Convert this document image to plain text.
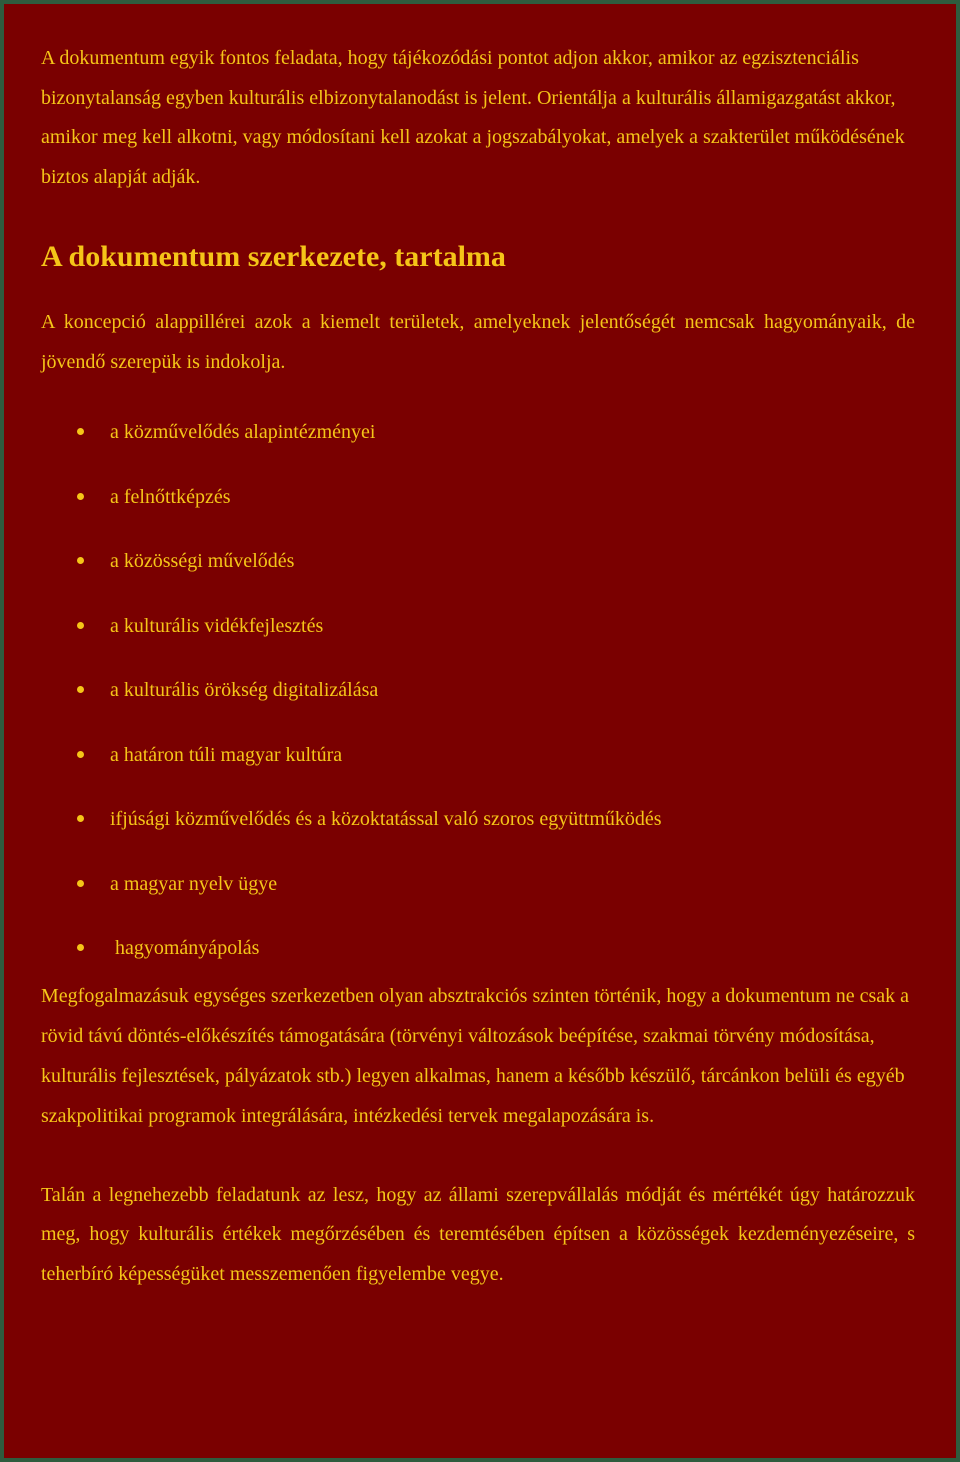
A dokumentum egyik fontos feladata, hogy tájékozódási pontot adjon akkor, amikor az egzisztenciális bizonytalanság egyben kulturális elbizonytalanodást is jelent. Orientálja a kulturális államigazgatást akkor, amikor meg kell alkotni, vagy módosítani kell azokat a jogszabályokat, amelyek a szakterület működésének biztos alapját adják.

A dokumentum szerkezete, tartalma

A koncepció alappillérei azok a kiemelt területek, amelyeknek jelentőségét nemcsak hagyományaik, de jövendő szerepük is indokolja.

a közművelődés alapintézményei
a felnőttképzés
a közösségi művelődés
a kulturális vidékfejlesztés
a kulturális örökség digitalizálása
a határon túli magyar kultúra
ifjúsági közművelődés és a közoktatással való szoros együttműködés
a magyar nyelv ügye
hagyományápolás

Megfogalmazásuk egységes szerkezetben olyan absztrakciós szinten történik, hogy a dokumentum ne csak a rövid távú döntés-előkészítés támogatására (törvényi változások beépítése, szakmai törvény módosítása, kulturális fejlesztések, pályázatok stb.) legyen alkalmas, hanem a később készülő, tárcánkon belüli és egyéb szakpolitikai programok integrálására, intézkedési tervek megalapozására is.

Talán a legnehezebb feladatunk az lesz, hogy az állami szerepvállalás módját és mértékét úgy határozzuk meg, hogy kulturális értékek megőrzésében és teremtésében építsen a közösségek kezdeményezéseire, s teherbíró képességüket messzemenően figyelembe vegye.
